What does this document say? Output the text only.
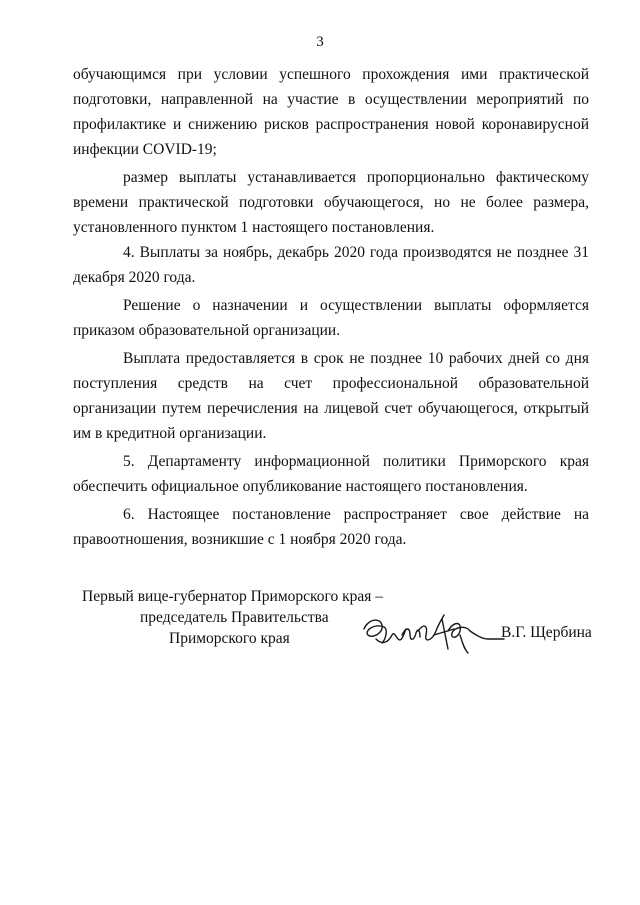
3

обучающимся при условии успешного прохождения ими практической подготовки, направленной на участие в осуществлении мероприятий по профилактике и снижению рисков распространения новой коронавирусной инфекции COVID-19;

размер выплаты устанавливается пропорционально фактическому времени практической подготовки обучающегося, но не более размера, установленного пунктом 1 настоящего постановления.

4. Выплаты за ноябрь, декабрь 2020 года производятся не позднее 31 декабря 2020 года.

Решение о назначении и осуществлении выплаты оформляется приказом образовательной организации.

Выплата предоставляется в срок не позднее 10 рабочих дней со дня поступления средств на счет профессиональной образовательной организации путем перечисления на лицевой счет обучающегося, открытый им в кредитной организации.

5. Департаменту информационной политики Приморского края обеспечить официальное опубликование настоящего постановления.

6. Настоящее постановление распространяет свое действие на правоотношения, возникшие с 1 ноября 2020 года.

Первый вице-губернатор Приморского края –
председатель Правительства
Приморского края	В.Г. Щербина
